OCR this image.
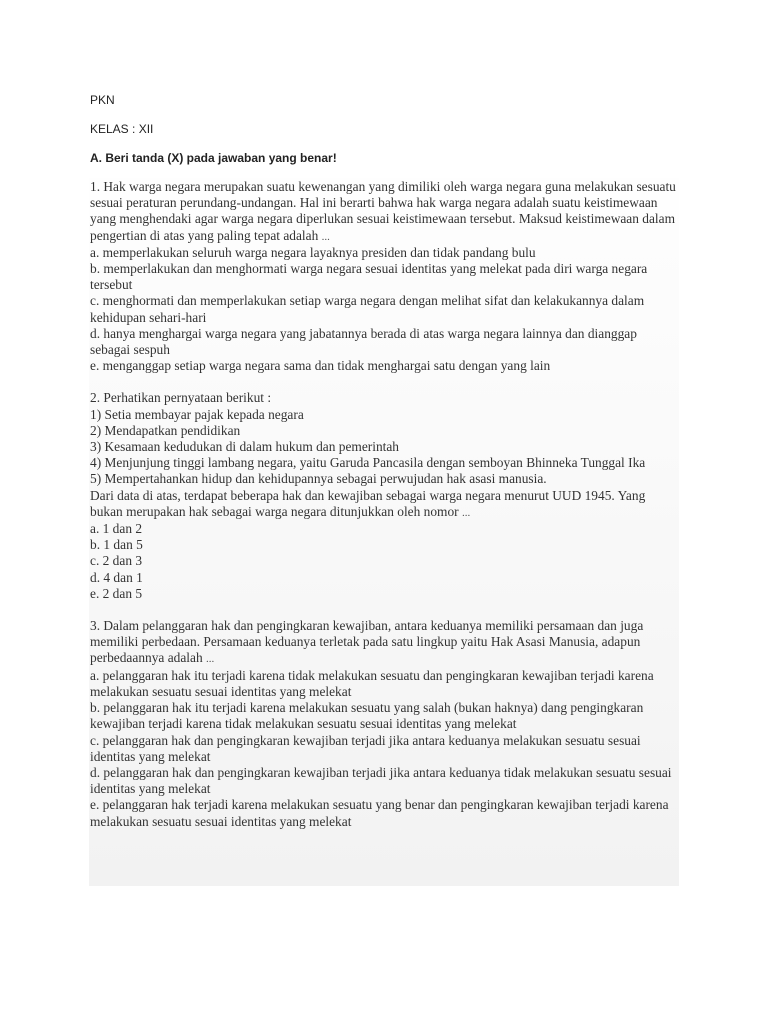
PKN
KELAS : XII
A. Beri tanda (X) pada jawaban yang benar!
1. Hak warga negara merupakan suatu kewenangan yang dimiliki oleh warga negara guna melakukan sesuatu sesuai peraturan perundang-undangan. Hal ini berarti bahwa hak warga negara adalah suatu keistimewaan yang menghendaki agar warga negara diperlukan sesuai keistimewaan tersebut. Maksud keistimewaan dalam pengertian di atas yang paling tepat adalah ...
a. memperlakukan seluruh warga negara layaknya presiden dan tidak pandang bulu
b. memperlakukan dan menghormati warga negara sesuai identitas yang melekat pada diri warga negara tersebut
c. menghormati dan memperlakukan setiap warga negara dengan melihat sifat dan kelakukannya dalam kehidupan sehari-hari
d. hanya menghargai warga negara yang jabatannya berada di atas warga negara lainnya dan dianggap sebagai sespuh
e. menganggap setiap warga negara sama dan tidak menghargai satu dengan yang lain
2. Perhatikan pernyataan berikut :
1) Setia membayar pajak kepada negara
2) Mendapatkan pendidikan
3) Kesamaan kedudukan di dalam hukum dan pemerintah
4) Menjunjung tinggi lambang negara, yaitu Garuda Pancasila dengan semboyan Bhinneka Tunggal Ika
5) Mempertahankan hidup dan kehidupannya sebagai perwujudan hak asasi manusia.
Dari data di atas, terdapat beberapa hak dan kewajiban sebagai warga negara menurut UUD 1945. Yang bukan merupakan hak sebagai warga negara ditunjukkan oleh nomor ...
a. 1 dan 2
b. 1 dan 5
c. 2 dan 3
d. 4 dan 1
e. 2 dan 5
3. Dalam pelanggaran hak dan pengingkaran kewajiban, antara keduanya memiliki persamaan dan juga memiliki perbedaan. Persamaan keduanya terletak pada satu lingkup yaitu Hak Asasi Manusia, adapun perbedaannya adalah ...
a. pelanggaran hak itu terjadi karena tidak melakukan sesuatu dan pengingkaran kewajiban terjadi karena melakukan sesuatu sesuai identitas yang melekat
b. pelanggaran hak itu terjadi karena melakukan sesuatu yang salah (bukan haknya) dang pengingkaran kewajiban terjadi karena tidak melakukan sesuatu sesuai identitas yang melekat
c. pelanggaran hak dan pengingkaran kewajiban terjadi jika antara keduanya melakukan sesuatu sesuai identitas yang melekat
d. pelanggaran hak dan pengingkaran kewajiban terjadi jika antara keduanya tidak melakukan sesuatu sesuai identitas yang melekat
e. pelanggaran hak terjadi karena melakukan sesuatu yang benar dan pengingkaran kewajiban terjadi karena melakukan sesuatu sesuai identitas yang melekat
